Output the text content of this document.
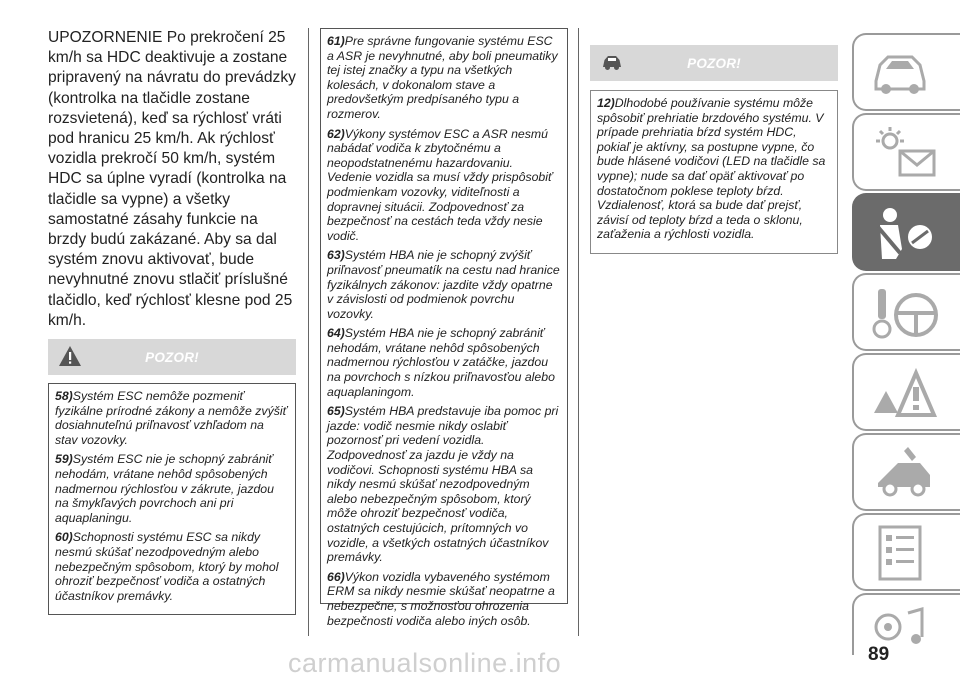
UPOZORNENIE Po prekročení 25 km/h sa HDC deaktivuje a zostane pripravený na návratu do prevádzky (kontrolka na tlačidle zostane rozsvietená), keď sa rýchlosť vráti pod hranicu 25 km/h. Ak rýchlosť vozidla prekročí 50 km/h, systém HDC sa úplne vyradí (kontrolka na tlačidle sa vypne) a všetky samostatné zásahy funkcie na brzdy budú zakázané. Aby sa dal systém znovu aktivovať, bude nevyhnutné znovu stlačiť príslušné tlačidlo, keď rýchlosť klesne pod 25 km/h.

POZOR!

58)Systém ESC nemôže pozmeniť fyzikálne prírodné zákony a nemôže zvýšiť dosiahnuteľnú priľnavosť vzhľadom na stav vozovky.

59)Systém ESC nie je schopný zabrániť nehodám, vrátane nehôd spôsobených nadmernou rýchlosťou v zákrute, jazdou na šmykľavých povrchoch ani pri aquaplaningu.

60)Schopnosti systému ESC sa nikdy nesmú skúšať nezodpovedným alebo nebezpečným spôsobom, ktorý by mohol ohroziť bezpečnosť vodiča a ostatných účastníkov premávky.

61)Pre správne fungovanie systému ESC a ASR je nevyhnutné, aby boli pneumatiky tej istej značky a typu na všetkých kolesách, v dokonalom stave a predovšetkým predpísaného typu a rozmerov.

62)Výkony systémov ESC a ASR nesmú nabádať vodiča k zbytočnému a neopodstatnenému hazardovaniu. Vedenie vozidla sa musí vždy prispôsobiť podmienkam vozovky, viditeľnosti a dopravnej situácii. Zodpovednosť za bezpečnosť na cestách teda vždy nesie vodič.

63)Systém HBA nie je schopný zvýšiť priľnavosť pneumatík na cestu nad hranice fyzikálnych zákonov: jazdite vždy opatrne v závislosti od podmienok povrchu vozovky.

64)Systém HBA nie je schopný zabrániť nehodám, vrátane nehôd spôsobených nadmernou rýchlosťou v zatáčke, jazdou na povrchoch s nízkou priľnavosťou alebo aquaplaningom.

65)Systém HBA predstavuje iba pomoc pri jazde: vodič nesmie nikdy oslabiť pozornosť pri vedení vozidla. Zodpovednosť za jazdu je vždy na vodičovi. Schopnosti systému HBA sa nikdy nesmú skúšať nezodpovedným alebo nebezpečným spôsobom, ktorý môže ohroziť bezpečnosť vodiča, ostatných cestujúcich, prítomných vo vozidle, a všetkých ostatných účastníkov premávky.

66)Výkon vozidla vybaveného systémom ERM sa nikdy nesmie skúšať neopatrne a nebezpečne, s možnosťou ohrozenia bezpečnosti vodiča alebo iných osôb.

POZOR!

12)Dlhodobé používanie systému môže spôsobiť prehriatie brzdového systému. V prípade prehriatia bŕzd systém HDC, pokiaľ je aktívny, sa postupne vypne, čo bude hlásené vodičovi (LED na tlačidle sa vypne); nude sa dať opäť aktivovať po dostatočnom poklese teploty bŕzd. Vzdialenosť, ktorá sa bude dať prejsť, závisí od teploty bŕzd a teda o sklonu, zaťaženia a rýchlosti vozidla.

89
carmanualsonline.info
